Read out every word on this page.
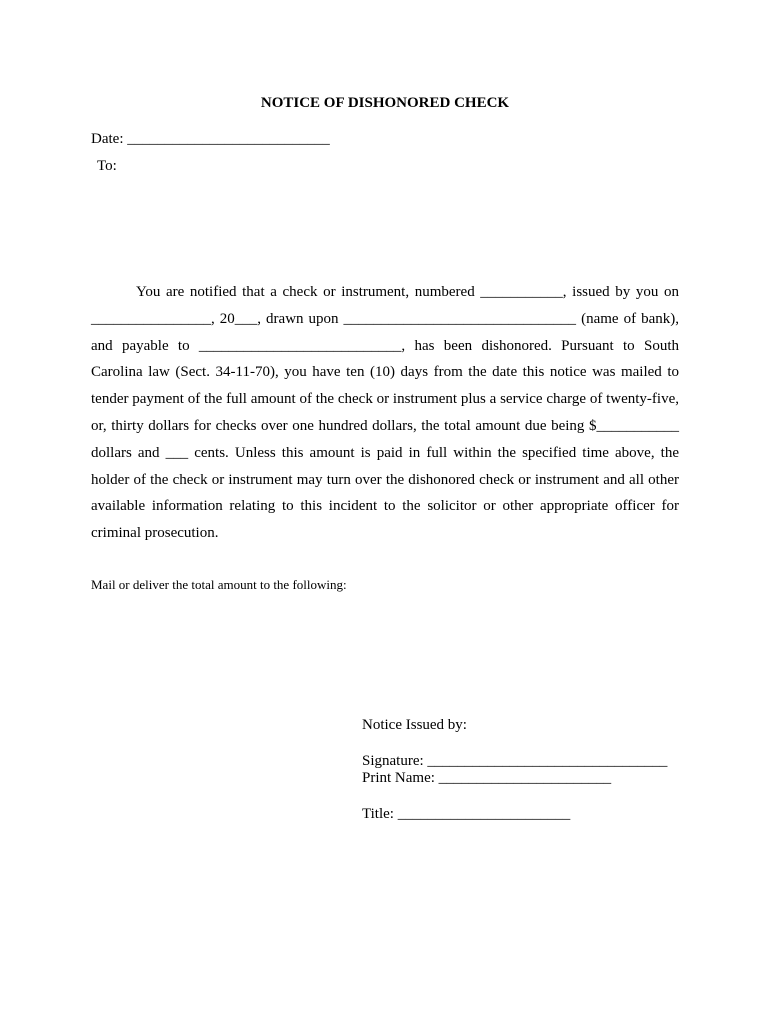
NOTICE OF DISHONORED CHECK
Date: ___________________________
To:
You are notified that a check or instrument, numbered ___________, issued by you on ________________, 20___, drawn upon _______________________________ (name of bank), and payable to ___________________________, has been dishonored. Pursuant to South Carolina law (Sect. 34-11-70), you have ten (10) days from the date this notice was mailed to tender payment of the full amount of the check or instrument plus a service charge of twenty-five, or, thirty dollars for checks over one hundred dollars, the total amount due being $___________ dollars and ___ cents. Unless this amount is paid in full within the specified time above, the holder of the check or instrument may turn over the dishonored check or instrument and all other available information relating to this incident to the solicitor or other appropriate officer for criminal prosecution.
Mail or deliver the total amount to the following:
Notice Issued by:
Signature: ________________________________
Print Name: _______________________
Title: _______________________
